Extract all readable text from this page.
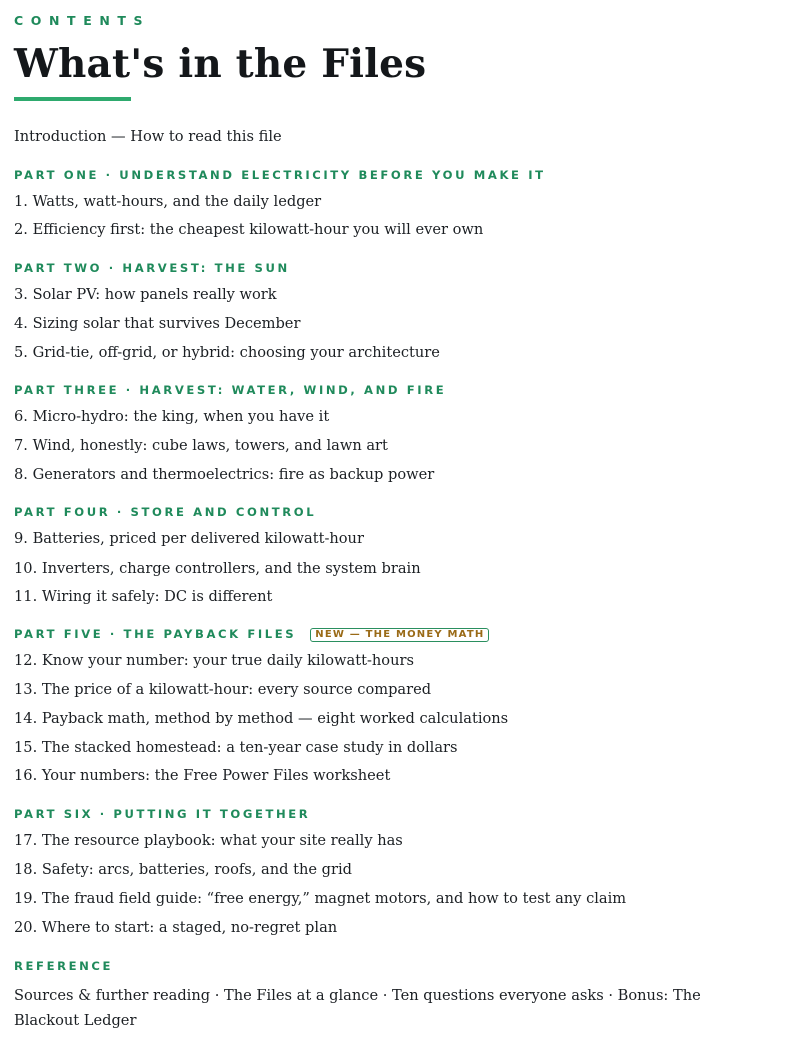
CONTENTS
What's in the Files
Introduction — How to read this file
PART ONE · UNDERSTAND ELECTRICITY BEFORE YOU MAKE IT
1. Watts, watt-hours, and the daily ledger
2. Efficiency first: the cheapest kilowatt-hour you will ever own
PART TWO · HARVEST: THE SUN
3. Solar PV: how panels really work
4. Sizing solar that survives December
5. Grid-tie, off-grid, or hybrid: choosing your architecture
PART THREE · HARVEST: WATER, WIND, AND FIRE
6. Micro-hydro: the king, when you have it
7. Wind, honestly: cube laws, towers, and lawn art
8. Generators and thermoelectrics: fire as backup power
PART FOUR · STORE AND CONTROL
9. Batteries, priced per delivered kilowatt-hour
10. Inverters, charge controllers, and the system brain
11. Wiring it safely: DC is different
PART FIVE · THE PAYBACK FILES NEW — THE MONEY MATH
12. Know your number: your true daily kilowatt-hours
13. The price of a kilowatt-hour: every source compared
14. Payback math, method by method — eight worked calculations
15. The stacked homestead: a ten-year case study in dollars
16. Your numbers: the Free Power Files worksheet
PART SIX · PUTTING IT TOGETHER
17. The resource playbook: what your site really has
18. Safety: arcs, batteries, roofs, and the grid
19. The fraud field guide: “free energy,” magnet motors, and how to test any claim
20. Where to start: a staged, no-regret plan
REFERENCE
Sources & further reading · The Files at a glance · Ten questions everyone asks · Bonus: The Blackout Ledger
